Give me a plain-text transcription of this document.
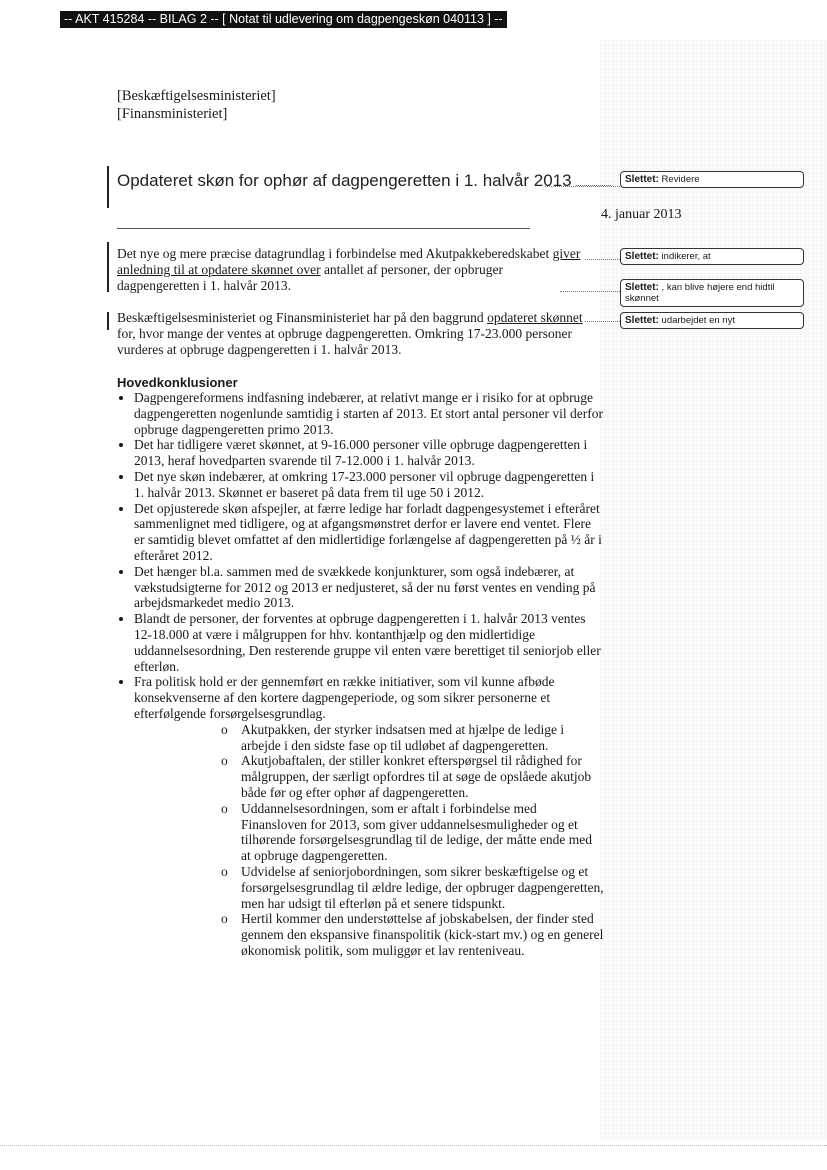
-- AKT 415284 -- BILAG 2 -- [ Notat til udlevering om dagpengeskøn 040113 ] --
[Beskæftigelsesministeriet]
[Finansministeriet]
Opdateret skøn for ophør af dagpengeretten i 1. halvår 2013
4. januar 2013
Det nye og mere præcise datagrundlag i forbindelse med Akutpakkeberedskabet giver anledning til at opdatere skønnet over antallet af personer, der opbruger dagpengeretten i 1. halvår 2013.
Beskæftigelsesministeriet og Finansministeriet har på den baggrund opdateret skønnet for, hvor mange der ventes at opbruge dagpengeretten. Omkring 17-23.000 personer vurderes at opbruge dagpengeretten i 1. halvår 2013.
Hovedkonklusioner
• Dagpengereformens indfasning indebærer, at relativt mange er i risiko for at opbruge dagpengeretten nogenlunde samtidig i starten af 2013. Et stort antal personer vil derfor opbruge dagpengeretten primo 2013.
• Det har tidligere været skønnet, at 9-16.000 personer ville opbruge dagpengeretten i 2013, heraf hovedparten svarende til 7-12.000 i 1. halvår 2013.
• Det nye skøn indebærer, at omkring 17-23.000 personer vil opbruge dagpengeretten i 1. halvår 2013. Skønnet er baseret på data frem til uge 50 i 2012.
• Det opjusterede skøn afspejler, at færre ledige har forladt dagpengesystemet i efteråret sammenlignet med tidligere, og at afgangsmønstret derfor er lavere end ventet. Flere er samtidig blevet omfattet af den midlertidige forlængelse af dagpengeretten på ½ år i efteråret 2012.
• Det hænger bl.a. sammen med de svækkede konjunkturer, som også indebærer, at vækstudsigterne for 2012 og 2013 er nedjusteret, så der nu først ventes en vending på arbejdsmarkedet medio 2013.
• Blandt de personer, der forventes at opbruge dagpengeretten i 1. halvår 2013 ventes 12-18.000 at være i målgruppen for hhv. kontanthjælp og den midlertidige uddannelsesordning, Den resterende gruppe vil enten være berettiget til seniorjob eller efterløn.
• Fra politisk hold er der gennemført en række initiativer, som vil kunne afbøde konsekvenserne af den kortere dagpengeperiode, og som sikrer personerne et efterfølgende forsørgelsesgrundlag.
o Akutpakken, der styrker indsatsen med at hjælpe de ledige i arbejde i den sidste fase op til udløbet af dagpengeretten.
o Akutjobaftalen, der stiller konkret efterspørgsel til rådighed for målgruppen, der særligt opfordres til at søge de opslåede akutjob både før og efter ophør af dagpengeretten.
o Uddannelsesordningen, som er aftalt i forbindelse med Finansloven for 2013, som giver uddannelsesmuligheder og et tilhørende forsørgelsesgrundlag til de ledige, der måtte ende med at opbruge dagpengeretten.
o Udvidelse af seniorjobordningen, som sikrer beskæftigelse og et forsørgelsesgrundlag til ældre ledige, der opbruger dagpengeretten, men har udsigt til efterløn på et senere tidspunkt.
o Hertil kommer den understøttelse af jobskabelsen, der finder sted gennem den ekspansive finanspolitik (kick-start mv.) og en generel økonomisk politik, som muliggør et lav renteniveau.
Slettet: Revidere
Slettet: indikerer, at
Slettet: , kan blive højere end hidtil skønnet
Slettet: udarbejdet en nyt
